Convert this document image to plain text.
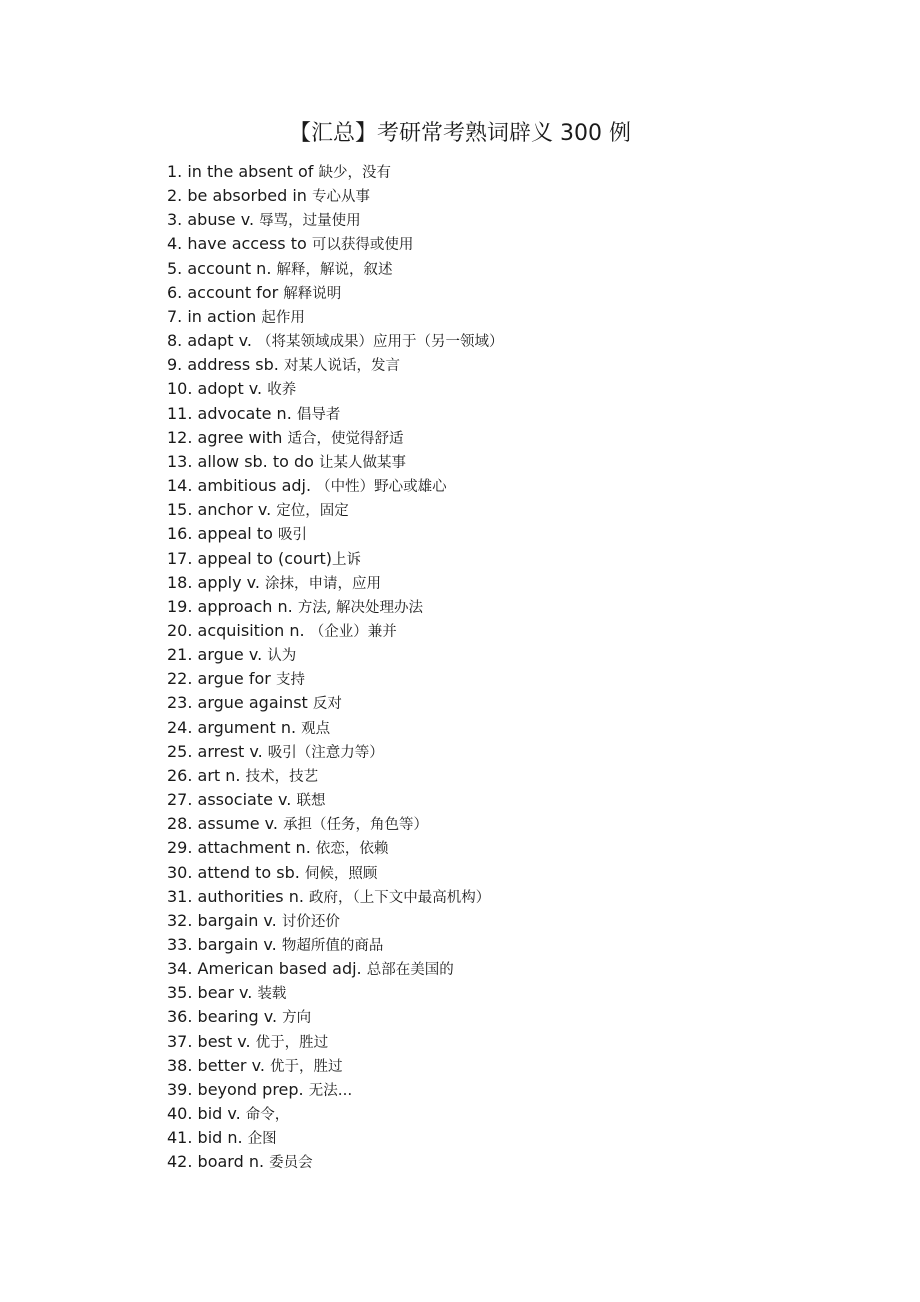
【汇总】考研常考熟词辟义 300 例
1. in the absent of 缺少，没有
2. be absorbed in 专心从事
3. abuse v. 辱骂，过量使用
4. have access to 可以获得或使用
5. account n. 解释，解说，叙述
6. account for 解释说明
7. in action 起作用
8. adapt v. （将某领域成果）应用于（另一领域）
9. address sb. 对某人说话，发言
10. adopt v. 收养
11. advocate n. 倡导者
12. agree with 适合，使觉得舒适
13. allow sb. to do 让某人做某事
14. ambitious adj. （中性）野心或雄心
15. anchor v. 定位，固定
16. appeal to 吸引
17. appeal to (court)上诉
18. apply v. 涂抹，申请，应用
19. approach n. 方法, 解决处理办法
20. acquisition n. （企业）兼并
21. argue v. 认为
22. argue for 支持
23. argue against 反对
24. argument n. 观点
25. arrest v. 吸引（注意力等）
26. art n. 技术，技艺
27. associate v. 联想
28. assume v. 承担（任务，角色等）
29. attachment n. 依恋，依赖
30. attend to sb. 伺候，照顾
31. authorities n. 政府，（上下文中最高机构）
32. bargain v. 讨价还价
33. bargain v. 物超所值的商品
34. American based adj. 总部在美国的
35. bear v. 装载
36. bearing v. 方向
37. best v. 优于，胜过
38. better v. 优于，胜过
39. beyond prep. 无法…
40. bid v. 命令，
41. bid n. 企图
42. board n. 委员会
